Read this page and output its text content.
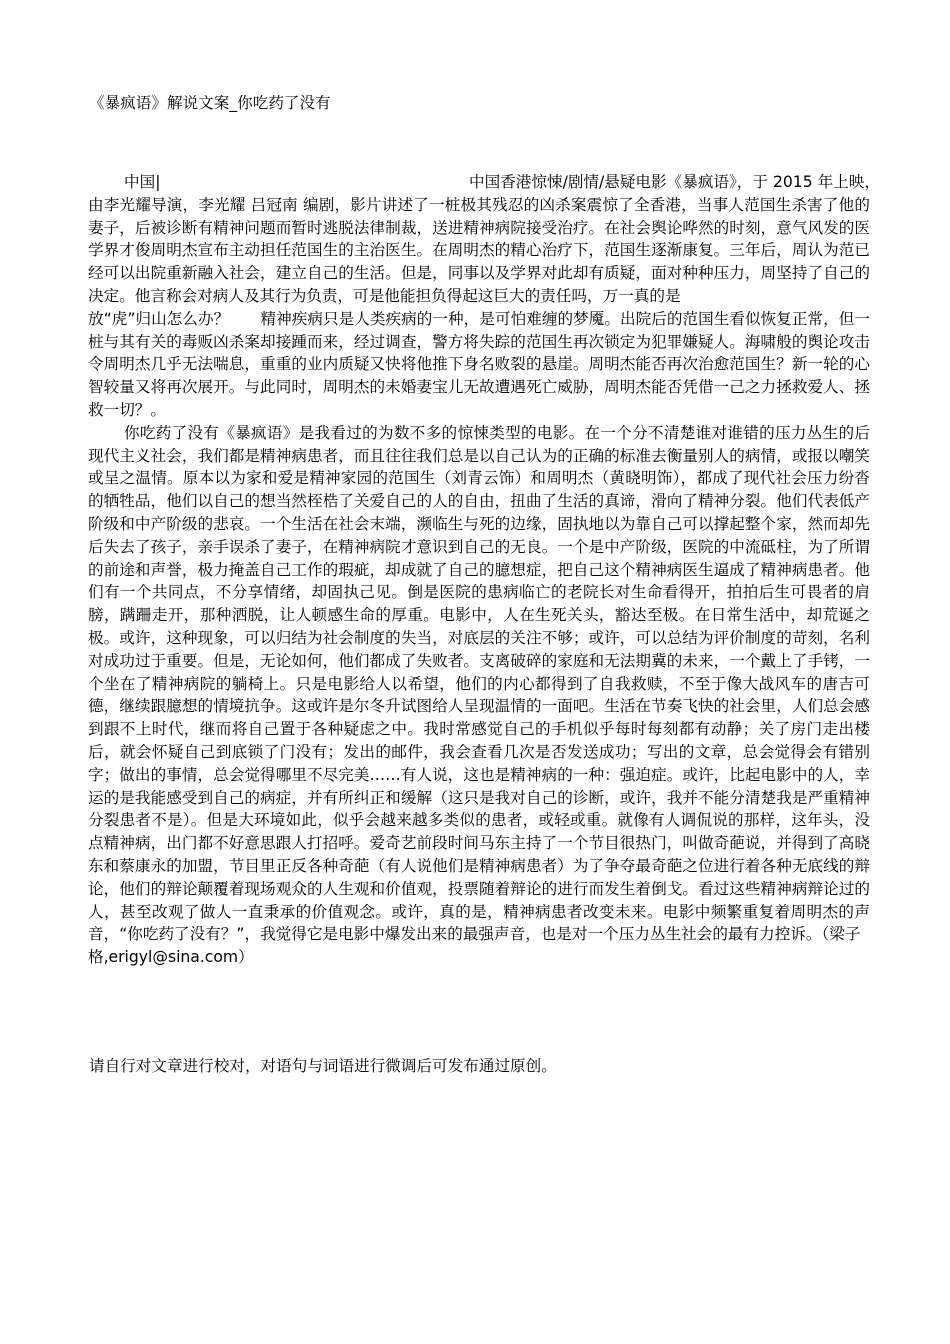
《暴疯语》解说文案_你吃药了没有
中国|	中国香港惊悚/剧情/悬疑电影《暴疯语》，于 2015 年上映，

由李光耀导演，李光耀 吕冠南 编剧，影片讲述了一桩极其残忍的凶杀案震惊了全香港，当事人范国生杀害了他的妻子，后被诊断有精神问题而暂时逃脱法律制裁，送进精神病院接受治疗。在社会舆论哗然的时刻，意气风发的医学界才俊周明杰宣布主动担任范国生的主治医生。在周明杰的精心治疗下，范国生逐渐康复。三年后，周认为范已经可以出院重新融入社会，建立自己的生活。但是，同事以及学界对此却有质疑，面对种种压力，周坚持了自己的决定。他言称会对病人及其行为负责，可是他能担负得起这巨大的责任吗，万一真的是

放“虎”归山怎么办？　　精神疾病只是人类疾病的一种，是可怕难缠的梦魇。出院后的范国生看似恢复正常，但一桩与其有关的毒贩凶杀案却接踵而来，经过调查，警方将失踪的范国生再次锁定为犯罪嫌疑人。海啸般的舆论攻击令周明杰几乎无法喘息，重重的业内质疑又快将他推下身名败裂的悬崖。周明杰能否再次治愈范国生？新一轮的心智较量又将再次展开。与此同时，周明杰的未婚妻宝儿无故遭遇死亡威胁，周明杰能否凭借一己之力拯救爱人、拯救一切？。

你吃药了没有《暴疯语》是我看过的为数不多的惊悚类型的电影。在一个分不清楚谁对谁错的压力丛生的后现代主义社会，我们都是精神病患者，而且往往我们总是以自己认为的正确的标准去衡量别人的病情，或报以嘲笑或呈之温情。原本以为家和爱是精神家园的范国生（刘青云饰）和周明杰（黄晓明饰），都成了现代社会压力纷沓的牺牲品，他们以自己的想当然桎梏了关爱自己的人的自由，扭曲了生活的真谛，滑向了精神分裂。他们代表低产阶级和中产阶级的悲哀。一个生活在社会末端，濒临生与死的边缘，固执地以为靠自己可以撑起整个家，然而却先后失去了孩子，亲手误杀了妻子，在精神病院才意识到自己的无良。一个是中产阶级，医院的中流砥柱，为了所谓的前途和声誉，极力掩盖自己工作的瑕疵，却成就了自己的臆想症，把自己这个精神病医生逼成了精神病患者。他们有一个共同点，不分享情绪，却固执己见。倒是医院的患病临亡的老院长对生命看得开，拍拍后生可畏者的肩膀，蹒跚走开，那种洒脱，让人顿感生命的厚重。电影中，人在生死关头，豁达至极。在日常生活中，却荒诞之极。或许，这种现象，可以归结为社会制度的失当，对底层的关注不够；或许，可以总结为评价制度的苛刻，名利对成功过于重要。但是，无论如何，他们都成了失败者。支离破碎的家庭和无法期冀的未来，一个戴上了手铐，一个坐在了精神病院的躺椅上。只是电影给人以希望，他们的内心都得到了自我救赎，不至于像大战风车的唐吉可德，继续跟臆想的情境抗争。这或许是尔冬升试图给人呈现温情的一面吧。生活在节奏飞快的社会里，人们总会感到跟不上时代，继而将自己置于各种疑虑之中。我时常感觉自己的手机似乎每时每刻都有动静；关了房门走出楼后，就会怀疑自己到底锁了门没有；发出的邮件，我会查看几次是否发送成功；写出的文章，总会觉得会有错别字；做出的事情，总会觉得哪里不尽完美……有人说，这也是精神病的一种：强迫症。或许，比起电影中的人，幸运的是我能感受到自己的病症，并有所纠正和缓解（这只是我对自己的诊断，或许，我并不能分清楚我是严重精神分裂患者不是）。但是大环境如此，似乎会越来越多类似的患者，或轻或重。就像有人调侃说的那样，这年头，没点精神病，出门都不好意思跟人打招呼。爱奇艺前段时间马东主持了一个节目很热门，叫做奇葩说，并得到了高晓东和蔡康永的加盟，节目里正反各种奇葩（有人说他们是精神病患者）为了争夺最奇葩之位进行着各种无底线的辩论，他们的辩论颠覆着现场观众的人生观和价值观，投票随着辩论的进行而发生着倒戈。看过这些精神病辩论过的人，甚至改观了做人一直秉承的价值观念。或许，真的是，精神病患者改变未来。电影中频繁重复着周明杰的声音，“你吃药了没有？”，我觉得它是电影中爆发出来的最强声音，也是对一个压力丛生社会的最有力控诉。（梁子

格,erigyl@sina.com）

请自行对文章进行校对，对语句与词语进行微调后可发布通过原创。
